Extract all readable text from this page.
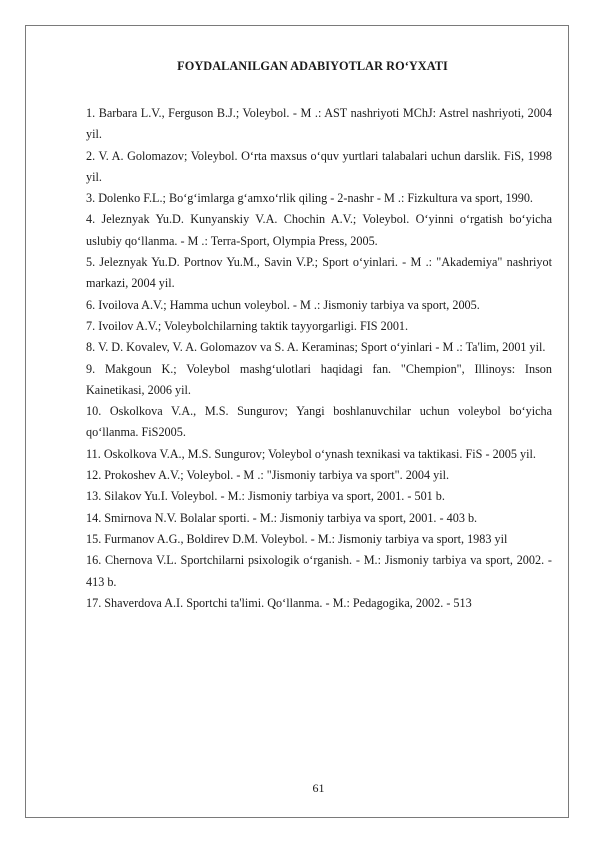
FOYDALANILGAN ADABIYOTLAR RO‘YXATI
1. Barbara L.V., Ferguson B.J.; Voleybol. - M .: AST nashriyoti MChJ: Astrel nashriyoti, 2004 yil.
2. V. A. Golomazov; Voleybol. O‘rta maxsus o‘quv yurtlari talabalari uchun darslik. FiS, 1998 yil.
3. Dolenko F.L.; Bo‘g‘imlarga g‘amxo‘rlik qiling - 2-nashr - M .: Fizkultura va sport, 1990.
4. Jeleznyak Yu.D. Kunyanskiy V.A. Chochin A.V.; Voleybol. O‘yinni o‘rgatish bo‘yicha uslubiy qo‘llanma. - M .: Terra-Sport, Olympia Press, 2005.
5. Jeleznyak Yu.D. Portnov Yu.M., Savin V.P.; Sport o‘yinlari. - M .: "Akademiya" nashriyot markazi, 2004 yil.
6. Ivoilova A.V.; Hamma uchun voleybol. - M .: Jismoniy tarbiya va sport, 2005.
7. Ivoilov A.V.; Voleybolchilarning taktik tayyorgarligi. FIS 2001.
8. V. D. Kovalev, V. A. Golomazov va S. A. Keraminas; Sport o‘yinlari - M .: Ta'lim, 2001 yil.
9. Makgoun K.; Voleybol mashg‘ulotlari haqidagi fan. "Chempion", Illinoys: Inson Kainetikasi, 2006 yil.
10. Oskolkova V.A., M.S. Sungurov; Yangi boshlanuvchilar uchun voleybol bo‘yicha qo‘llanma. FiS2005.
11. Oskolkova V.A., M.S. Sungurov; Voleybol o‘ynash texnikasi va taktikasi. FiS - 2005 yil.
12. Prokoshev A.V.; Voleybol. - M .: "Jismoniy tarbiya va sport". 2004 yil.
13. Silakov Yu.I. Voleybol. - M.: Jismoniy tarbiya va sport, 2001. - 501 b.
14. Smirnova N.V. Bolalar sporti. - M.: Jismoniy tarbiya va sport, 2001. - 403 b.
15. Furmanov A.G., Boldirev D.M. Voleybol. - M.: Jismoniy tarbiya va sport, 1983 yil
16. Chernova V.L. Sportchilarni psixologik o‘rganish. - M.: Jismoniy tarbiya va sport, 2002. - 413 b.
17. Shaverdova A.I. Sportchi ta'limi. Qo‘llanma. - M.: Pedagogika, 2002. - 513
61
